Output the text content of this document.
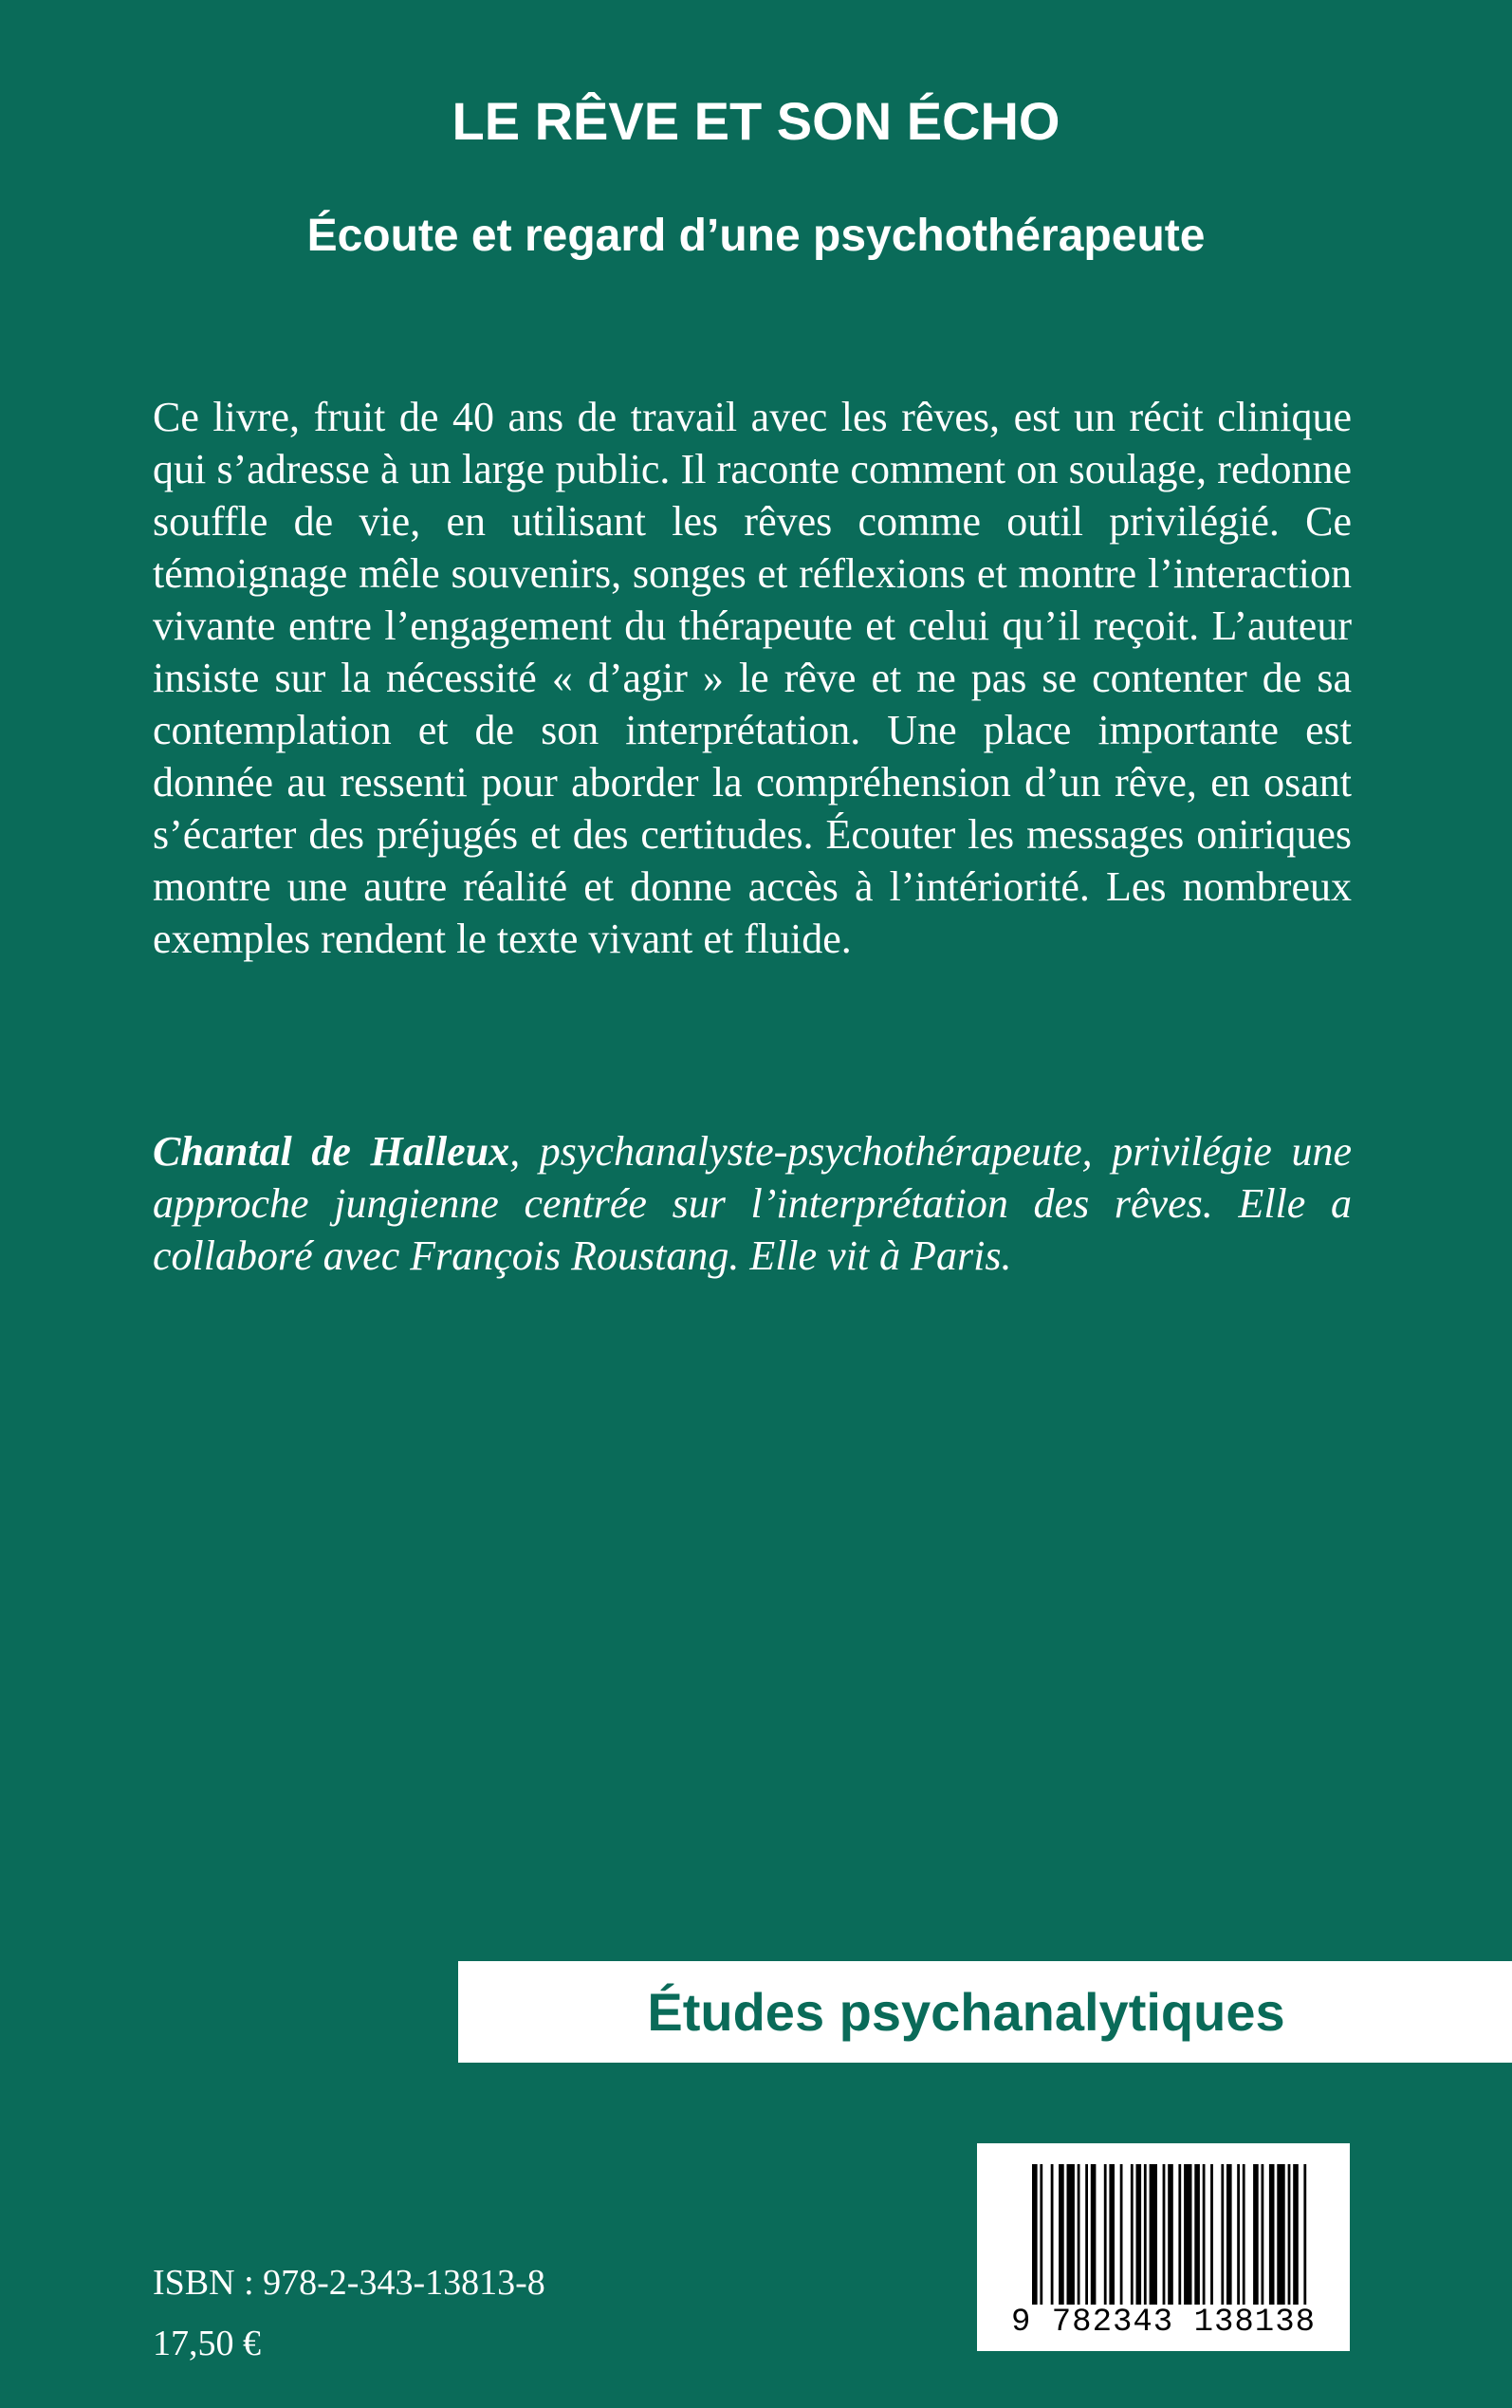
LE RÊVE ET SON ÉCHO
Écoute et regard d’une psychothérapeute

Ce livre, fruit de 40 ans de travail avec les rêves, est un récit clinique qui s’adresse à un large public. Il raconte comment on soulage, redonne souffle de vie, en utilisant les rêves comme outil privilégié. Ce témoignage mêle souvenirs, songes et réflexions et montre l’interaction vivante entre l’engagement du thérapeute et celui qu’il reçoit. L’auteur insiste sur la nécessité « d’agir » le rêve et ne pas se contenter de sa contemplation et de son interprétation. Une place importante est donnée au ressenti pour aborder la compréhension d’un rêve, en osant s’écarter des préjugés et des certitudes. Écouter les messages oniriques montre une autre réalité et donne accès à l’intériorité. Les nombreux exemples rendent le texte vivant et fluide.

Chantal de Halleux, psychanalyste-psychothérapeute, privilégie une approche jungienne centrée sur l’interprétation des rêves. Elle a collaboré avec François Roustang. Elle vit à Paris.

Études psychanalytiques
ISBN : 978-2-343-13813-8
17,50 €
9 782343 138138
